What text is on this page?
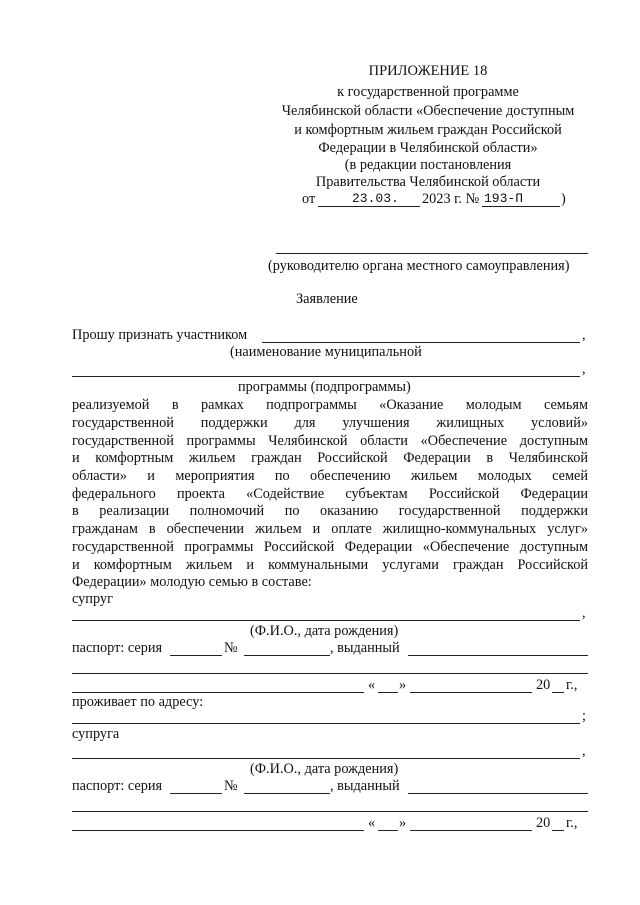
ПРИЛОЖЕНИЕ 18
к государственной программе
Челябинской области «Обеспечение доступным
и комфортным жильем граждан Российской
Федерации в Челябинской области»
(в редакции постановления
Правительства Челябинской области
от	23.03. 2023 г. № 193-П	)
(руководителю органа местного самоуправления)
Заявление
Прошу признать участником	,
(наименование муниципальной
,
программы (подпрограммы)
реализуемой в рамках подпрограммы «Оказание молодым семьям
государственной поддержки для улучшения жилищных условий»
государственной программы Челябинской области «Обеспечение доступным
и комфортным жильем граждан Российской Федерации в Челябинской
области» и мероприятия по обеспечению жильем молодых семей
федерального проекта «Содействие субъектам Российской Федерации
в реализации полномочий по оказанию государственной поддержки
гражданам в обеспечении жильем и оплате жилищно-коммунальных услуг»
государственной программы Российской Федерации «Обеспечение доступным
и комфортным жильем и коммунальными услугами граждан Российской
Федерации» молодую семью в составе:
супруг
,
(Ф.И.О., дата рождения)
паспорт: серия	№	, выданный
« »	20 г.,
проживает по адресу:
;
супруга
,
(Ф.И.О., дата рождения)
паспорт: серия	№	, выданный
« »	20 г.,
